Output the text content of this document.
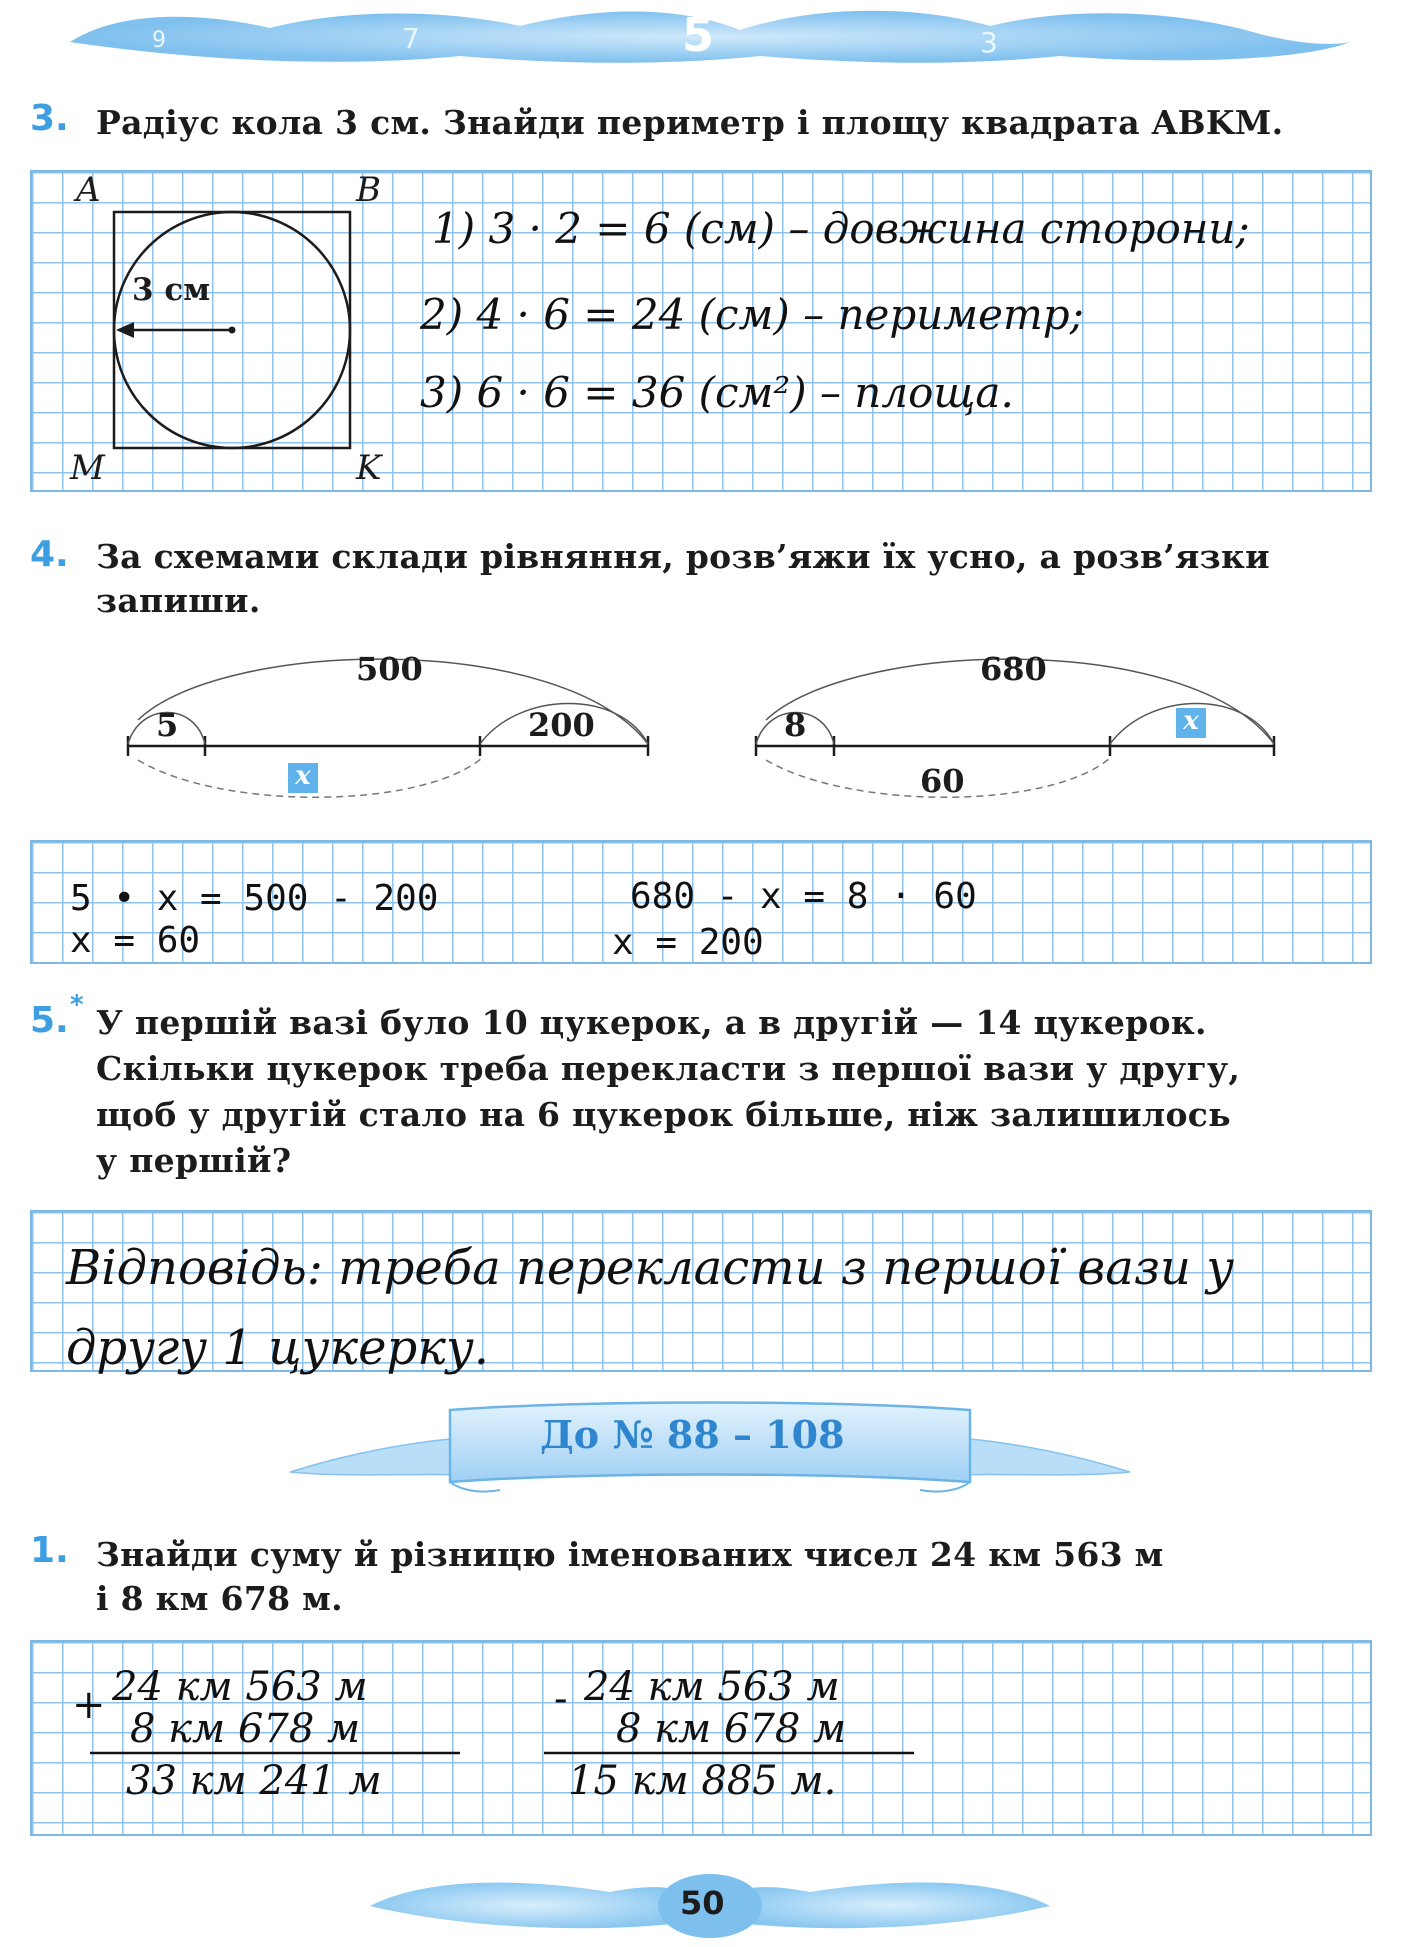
9	7	5	3
3. Радіус кола 3 см. Знайди периметр і площу квадрата ABKM.
A	B
M	K
3 см
1) 3 · 2 = 6 (см) – довжина сторони;
2) 4 · 6 = 24 (см) – периметр;
3) 6 · 6 = 36 (см²) – площа.
4. За схемами склади рівняння, розв’яжи їх усно, а розв’язки
запиши.
500
5	200
x
680
8	x
60
5 • x = 500 - 200
x = 60
680 - x = 8 · 60
x = 200
5. * У першій вазі було 10 цукерок, а в другій — 14 цукерок.
Скільки цукерок треба перекласти з першої вази у другу,
щоб у другій стало на 6 цукерок більше, ніж залишилось
у першій?
Відповідь: треба перекласти з першої вази у
другу 1 цукерку.
До № 88 – 108
1. Знайди суму й різницю іменованих чисел 24 км 563 м
і 8 км 678 м.
+ 24 км 563 м
8 км 678 м
33 км 241 м
- 24 км 563 м
8 км 678 м
15 км 885 м.
50
